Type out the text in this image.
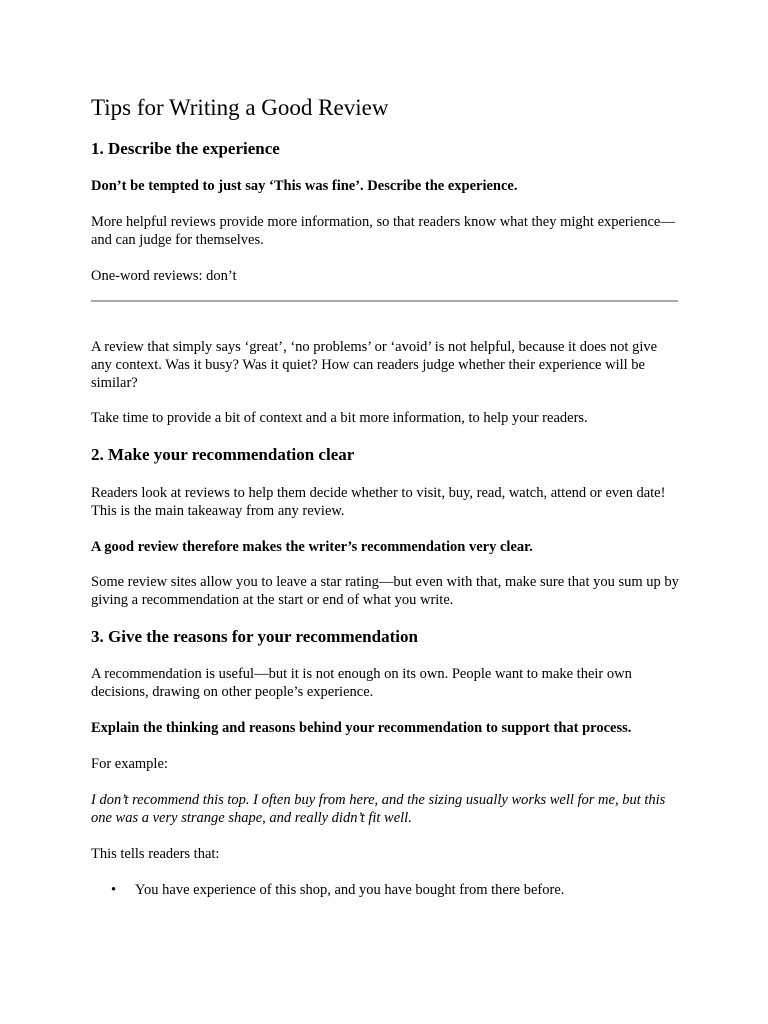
Tips for Writing a Good Review
1. Describe the experience

Don’t be tempted to just say ‘This was fine’. Describe the experience.

More helpful reviews provide more information, so that readers know what they might experience—and can judge for themselves.

One-word reviews: don’t

A review that simply says ‘great’, ‘no problems’ or ‘avoid’ is not helpful, because it does not give any context. Was it busy? Was it quiet? How can readers judge whether their experience will be similar?

Take time to provide a bit of context and a bit more information, to help your readers.

2. Make your recommendation clear

Readers look at reviews to help them decide whether to visit, buy, read, watch, attend or even date! This is the main takeaway from any review.

A good review therefore makes the writer’s recommendation very clear.

Some review sites allow you to leave a star rating—but even with that, make sure that you sum up by giving a recommendation at the start or end of what you write.

3. Give the reasons for your recommendation

A recommendation is useful—but it is not enough on its own. People want to make their own decisions, drawing on other people’s experience.

Explain the thinking and reasons behind your recommendation to support that process.

For example:

I don’t recommend this top. I often buy from here, and the sizing usually works well for me, but this one was a very strange shape, and really didn’t fit well.

This tells readers that:

• You have experience of this shop, and you have bought from there before.
